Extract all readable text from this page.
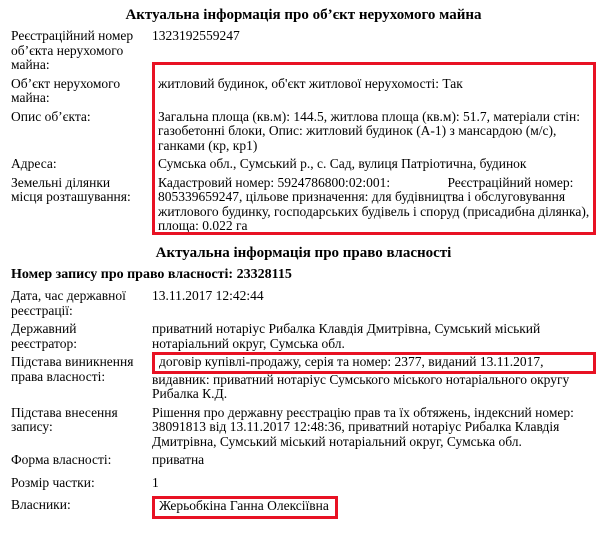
Актуальна інформація про об’єкт нерухомого майна
Реєстраційний номер об’єкта нерухомого майна:
1323192559247
Об’єкт нерухомого майна:
житловий будинок, об'єкт житлової нерухомості: Так
Опис об’єкта:	Загальна площа (кв.м): 144.5, житлова площа (кв.м): 51.7, матеріали стін: газобетонні блоки, Опис: житловий будинок (А-1) з мансардою (м/с), ганками (кр, кр1)
Адреса:	Сумська обл., Сумський р., с. Сад, вулиця Патріотична, будинок
Земельні ділянки місця розташування:
Кадастровий номер: 5924786800:02:001:                 Реєстраційний номер: 805339659247, цільове призначення: для будівництва і обслуговування житлового будинку, господарських будівель і споруд (присадибна ділянка), площа: 0.022 га
Актуальна інформація про право власності
Номер запису про право власності: 23328115
Дата, час державної реєстрації:
13.11.2017 12:42:44
Державний реєстратор:
приватний нотаріус Рибалка Клавдія Дмитрівна, Сумський міський нотаріальний округ, Сумська обл.
Підстава виникнення права власності:
договір купівлі-продажу, серія та номер: 2377, виданий 13.11.2017,
видавник: приватний нотаріус Сумського міського нотаріального округу Рибалка К.Д.
Підстава внесення запису:
Рішення про державну реєстрацію прав та їх обтяжень, індексний номер: 38091813 від 13.11.2017 12:48:36, приватний нотаріус Рибалка Клавдія Дмитрівна, Сумський міський нотаріальний округ, Сумська обл.
Форма власності:	приватна
Розмір частки:	1
Власники:	Жерьобкіна Ганна Олексіївна
